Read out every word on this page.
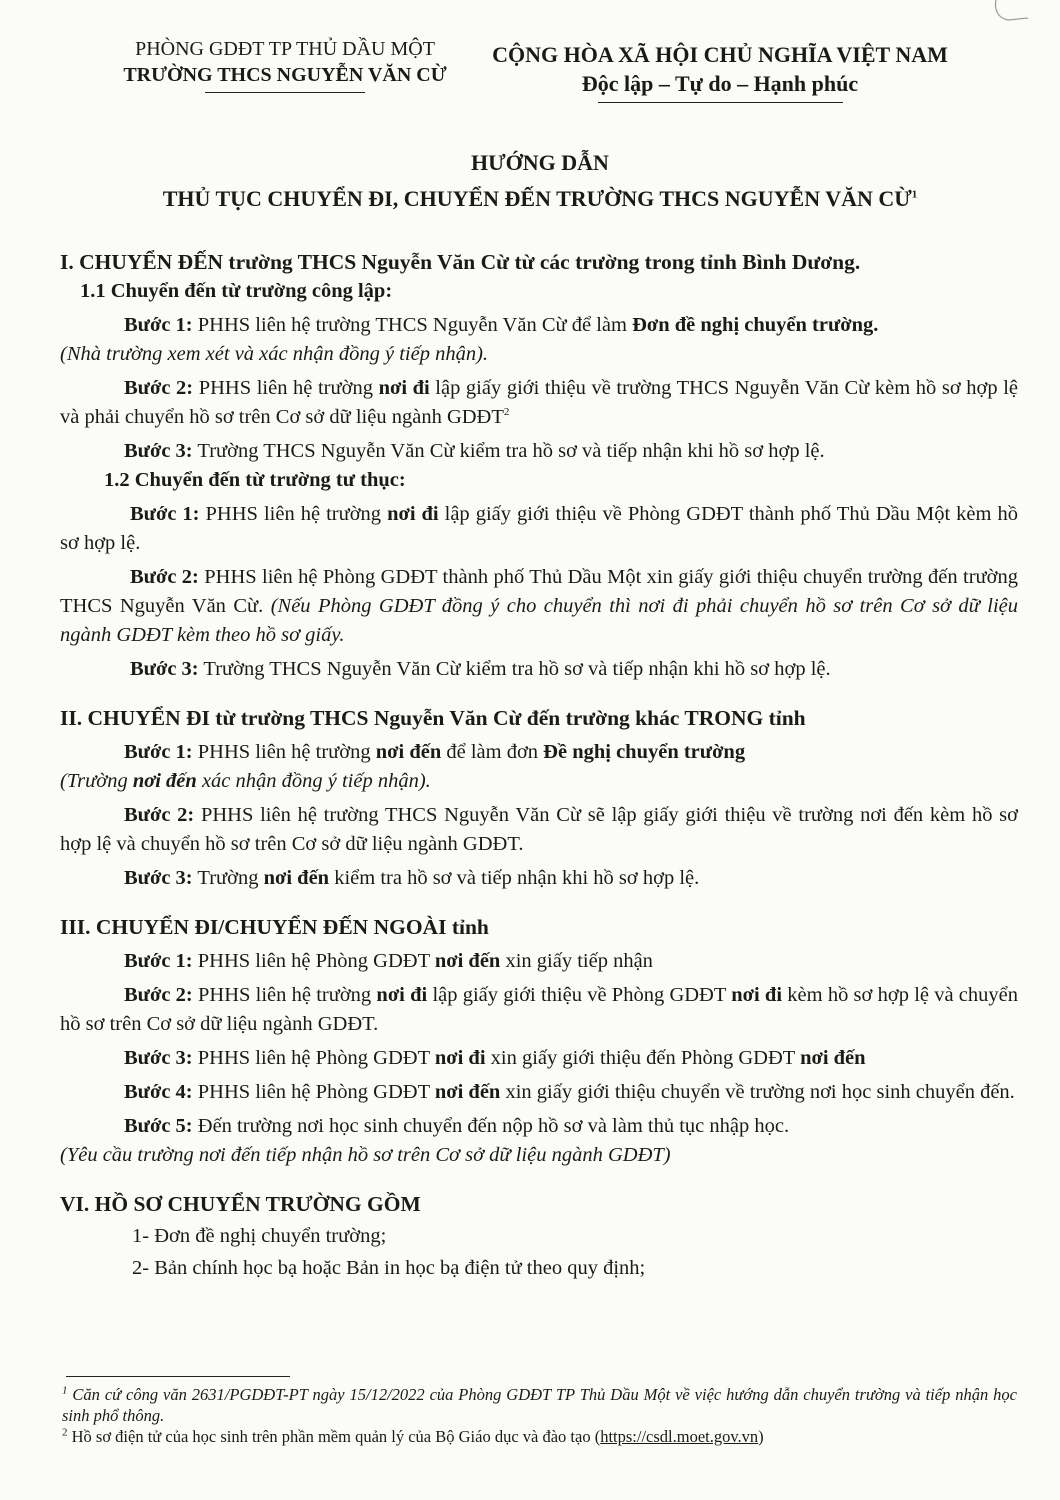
PHÒNG GDĐT TP THỦ DẦU MỘT
TRƯỜNG THCS NGUYỄN VĂN CỪ
CỘNG HÒA XÃ HỘI CHỦ NGHĨA VIỆT NAM
Độc lập – Tự do – Hạnh phúc
HƯỚNG DẪN
THỦ TỤC CHUYỂN ĐI, CHUYỂN ĐẾN TRƯỜNG THCS NGUYỄN VĂN CỪ$^1$
I. CHUYỂN ĐẾN trường THCS Nguyễn Văn Cừ từ các trường trong tỉnh Bình Dương.
1.1 Chuyển đến từ trường công lập:

Bước 1: PHHS liên hệ trường THCS Nguyễn Văn Cừ để làm Đơn đề nghị chuyển trường.
(Nhà trường xem xét và xác nhận đồng ý tiếp nhận).

Bước 2: PHHS liên hệ trường nơi đi lập giấy giới thiệu về trường THCS Nguyễn Văn Cừ kèm hồ sơ hợp lệ và phải chuyển hồ sơ trên Cơ sở dữ liệu ngành GDĐT$^2$

Bước 3: Trường THCS Nguyễn Văn Cừ kiểm tra hồ sơ và tiếp nhận khi hồ sơ hợp lệ.

1.2 Chuyển đến từ trường tư thục:

Bước 1: PHHS liên hệ trường nơi đi lập giấy giới thiệu về Phòng GDĐT thành phố Thủ Dầu Một kèm hồ sơ hợp lệ.

Bước 2: PHHS liên hệ Phòng GDĐT thành phố Thủ Dầu Một xin giấy giới thiệu chuyển trường đến trường THCS Nguyễn Văn Cừ. (Nếu Phòng GDĐT đồng ý cho chuyển thì nơi đi phải chuyển hồ sơ trên Cơ sở dữ liệu ngành GDĐT kèm theo hồ sơ giấy.

Bước 3: Trường THCS Nguyễn Văn Cừ kiểm tra hồ sơ và tiếp nhận khi hồ sơ hợp lệ.

II. CHUYỂN ĐI từ trường THCS Nguyễn Văn Cừ đến trường khác TRONG tỉnh

Bước 1: PHHS liên hệ trường nơi đến để làm đơn Đề nghị chuyển trường
(Trường nơi đến xác nhận đồng ý tiếp nhận).

Bước 2: PHHS liên hệ trường THCS Nguyễn Văn Cừ sẽ lập giấy giới thiệu về trường nơi đến kèm hồ sơ hợp lệ và chuyển hồ sơ trên Cơ sở dữ liệu ngành GDĐT.

Bước 3: Trường nơi đến kiểm tra hồ sơ và tiếp nhận khi hồ sơ hợp lệ.

III. CHUYỂN ĐI/CHUYỂN ĐẾN NGOÀI tỉnh

Bước 1: PHHS liên hệ Phòng GDĐT nơi đến xin giấy tiếp nhận

Bước 2: PHHS liên hệ trường nơi đi lập giấy giới thiệu về Phòng GDĐT nơi đi kèm hồ sơ hợp lệ và chuyển hồ sơ trên Cơ sở dữ liệu ngành GDĐT.

Bước 3: PHHS liên hệ Phòng GDĐT nơi đi xin giấy giới thiệu đến Phòng GDĐT nơi đến

Bước 4: PHHS liên hệ Phòng GDĐT nơi đến xin giấy giới thiệu chuyển về trường nơi học sinh chuyển đến.

Bước 5: Đến trường nơi học sinh chuyển đến nộp hồ sơ và làm thủ tục nhập học.
(Yêu cầu trường nơi đến tiếp nhận hồ sơ trên Cơ sở dữ liệu ngành GDĐT)

VI. HỒ SƠ CHUYỂN TRƯỜNG GỒM
1- Đơn đề nghị chuyển trường;
2- Bản chính học bạ hoặc Bản in học bạ điện tử theo quy định;
$^1$ Căn cứ công văn 2631/PGDĐT-PT ngày 15/12/2022 của Phòng GDĐT TP Thủ Dầu Một về việc hướng dẫn chuyển trường và tiếp nhận học sinh phổ thông.
$^2$ Hồ sơ điện tử của học sinh trên phần mềm quản lý của Bộ Giáo dục và đào tạo (https://csdl.moet.gov.vn)
